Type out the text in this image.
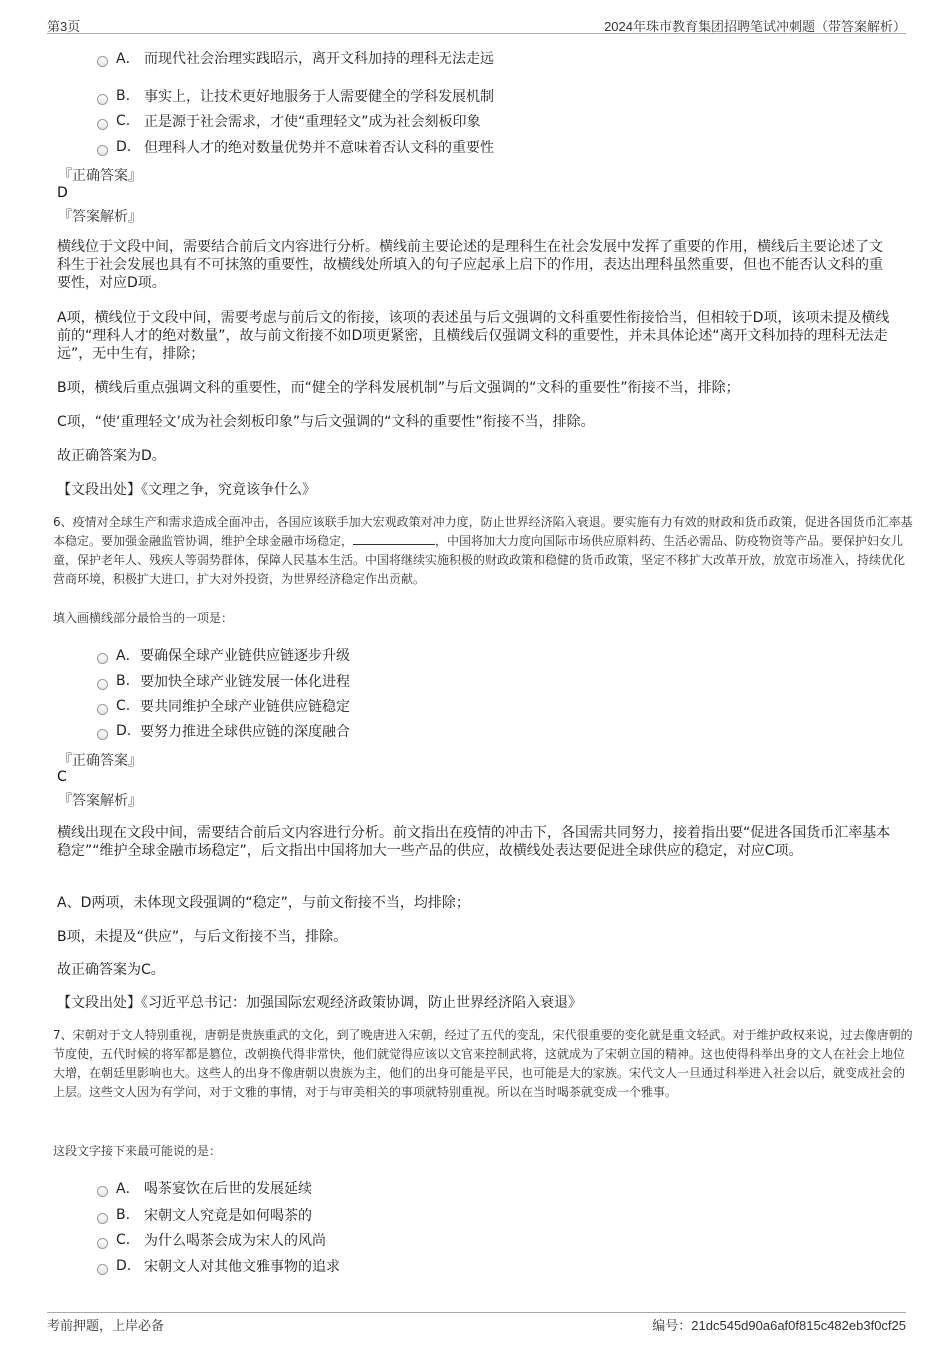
第3页	2024年珠市教育集团招聘笔试冲刺题（带答案解析）
A． 而现代社会治理实践昭示，离开文科加持的理科无法走远
B. 事实上，让技术更好地服务于人需要健全的学科发展机制
C. 正是源于社会需求，才使“重理轻文”成为社会刻板印象
D. 但理科人才的绝对数量优势并不意味着否认文科的重要性
『正确答案』
D
『答案解析』
横线位于文段中间，需要结合前后文内容进行分析。横线前主要论述的是理科生在社会发展中发挥了重要的作用，横线后主要论述了文科生于社会发展也具有不可抹煞的重要性，故横线处所填入的句子应起承上启下的作用，表达出理科虽然重要，但也不能否认文科的重要性，对应D项。
A项，横线位于文段中间，需要考虑与前后文的衔接，该项的表述虽与后文强调的文科重要性衔接恰当，但相较于D项，该项未提及横线前的“理科人才的绝对数量”，故与前文衔接不如D项更紧密，且横线后仅强调文科的重要性，并未具体论述“离开文科加持的理科无法走远”，无中生有，排除；
B项，横线后重点强调文科的重要性，而“健全的学科发展机制”与后文强调的“文科的重要性”衔接不当，排除；
C项，“使‘重理轻文’成为社会刻板印象”与后文强调的“文科的重要性”衔接不当，排除。
故正确答案为D。
【文段出处】《文理之争，究竟该争什么》
6、疫情对全球生产和需求造成全面冲击，各国应该联手加大宏观政策对冲力度，防止世界经济陷入衰退。要实施有力有效的财政和货币政策，促进各国货币汇率基本稳定。要加强金融监管协调，维护全球金融市场稳定，	，中国将加大力度向国际市场供应原料药、生活必需品、防疫物资等产品。要保护妇女儿童，保护老年人、残疾人等弱势群体，保障人民基本生活。中国将继续实施积极的财政政策和稳健的货币政策，坚定不移扩大改革开放，放宽市场准入，持续优化营商环境，积极扩大进口，扩大对外投资，为世界经济稳定作出贡献。
填入画横线部分最恰当的一项是：
A． 要确保全球产业链供应链逐步升级
B. 要加快全球产业链发展一体化进程
C. 要共同维护全球产业链供应链稳定
D. 要努力推进全球供应链的深度融合
『正确答案』
C
『答案解析』
横线出现在文段中间，需要结合前后文内容进行分析。前文指出在疫情的冲击下，各国需共同努力，接着指出要“促进各国货币汇率基本稳定”“维护全球金融市场稳定”，后文指出中国将加大一些产品的供应，故横线处表达要促进全球供应的稳定，对应C项。
A、D两项，未体现文段强调的“稳定”，与前文衔接不当，均排除；
B项，未提及“供应”，与后文衔接不当，排除。
故正确答案为C。
【文段出处】《习近平总书记：加强国际宏观经济政策协调，防止世界经济陷入衰退》
7、宋朝对于文人特别重视，唐朝是贵族重武的文化，到了晚唐进入宋朝，经过了五代的变乱，宋代很重要的变化就是重文轻武。对于维护政权来说，过去像唐朝的节度使，五代时候的将军都是篡位，改朝换代得非常快，他们就觉得应该以文官来控制武将，这就成为了宋朝立国的精神。这也使得科举出身的文人在社会上地位大增，在朝廷里影响也大。这些人的出身不像唐朝以贵族为主，他们的出身可能是平民，也可能是大的家族。宋代文人一旦通过科举进入社会以后，就变成社会的上层。这些文人因为有学问，对于文雅的事情，对于与审美相关的事项就特别重视。所以在当时喝茶就变成一个雅事。
这段文字接下来最可能说的是：
A． 喝茶宴饮在后世的发展延续
B. 宋朝文人究竟是如何喝茶的
C. 为什么喝茶会成为宋人的风尚
D. 宋朝文人对其他文雅事物的追求
考前押题，上岸必备	编号：21dc545d90a6af0f815c482eb3f0cf25
